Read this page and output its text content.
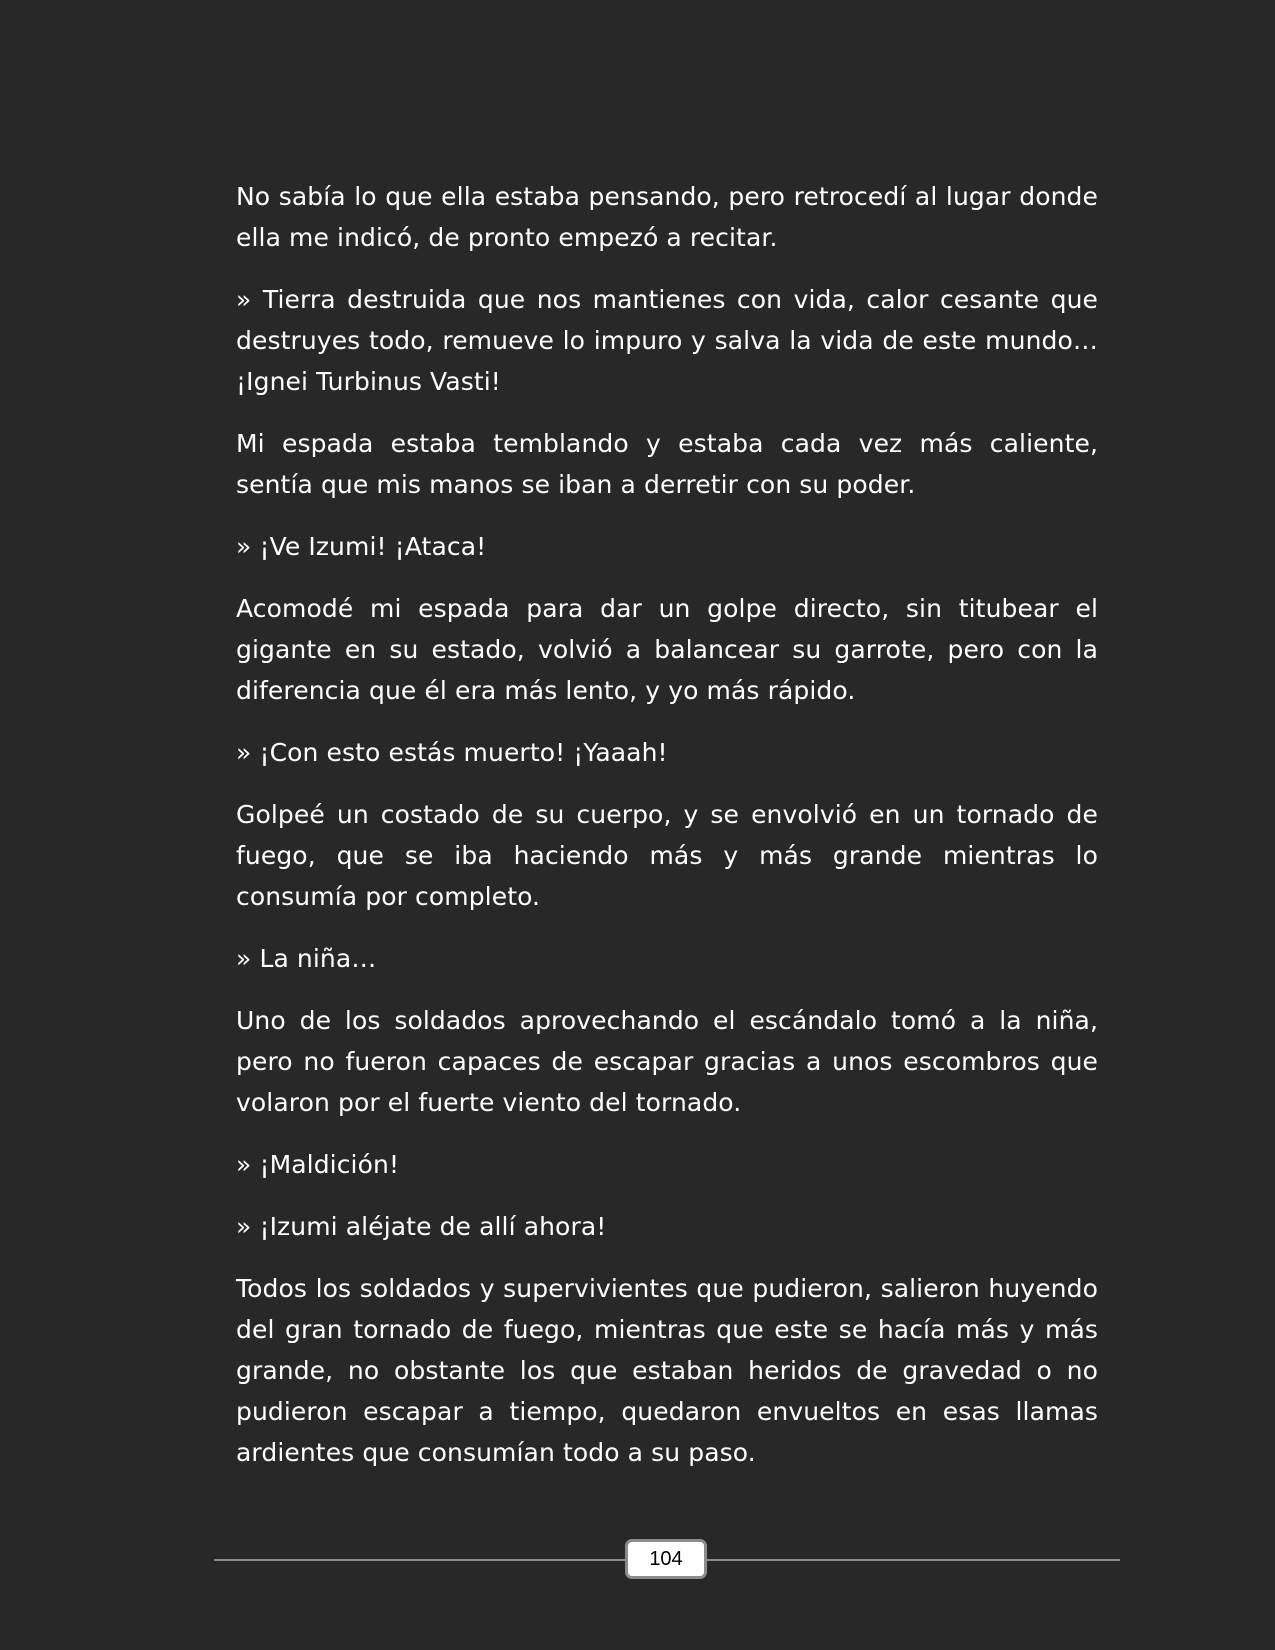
No sabía lo que ella estaba pensando, pero retrocedí al lugar donde ella me indicó, de pronto empezó a recitar.

» Tierra destruida que nos mantienes con vida, calor cesante que destruyes todo, remueve lo impuro y salva la vida de este mundo… ¡Ignei Turbinus Vasti!

Mi espada estaba temblando y estaba cada vez más caliente, sentía que mis manos se iban a derretir con su poder.

» ¡Ve Izumi! ¡Ataca!

Acomodé mi espada para dar un golpe directo, sin titubear el gigante en su estado, volvió a balancear su garrote, pero con la diferencia que él era más lento, y yo más rápido.

» ¡Con esto estás muerto! ¡Yaaah!

Golpeé un costado de su cuerpo, y se envolvió en un tornado de fuego, que se iba haciendo más y más grande mientras lo consumía por completo.

» La niña…

Uno de los soldados aprovechando el escándalo tomó a la niña, pero no fueron capaces de escapar gracias a unos escombros que volaron por el fuerte viento del tornado.

» ¡Maldición!

» ¡Izumi aléjate de allí ahora!

Todos los soldados y supervivientes que pudieron, salieron huyendo del gran tornado de fuego, mientras que este se hacía más y más grande, no obstante los que estaban heridos de gravedad o no pudieron escapar a tiempo, quedaron envueltos en esas llamas ardientes que consumían todo a su paso.

104
